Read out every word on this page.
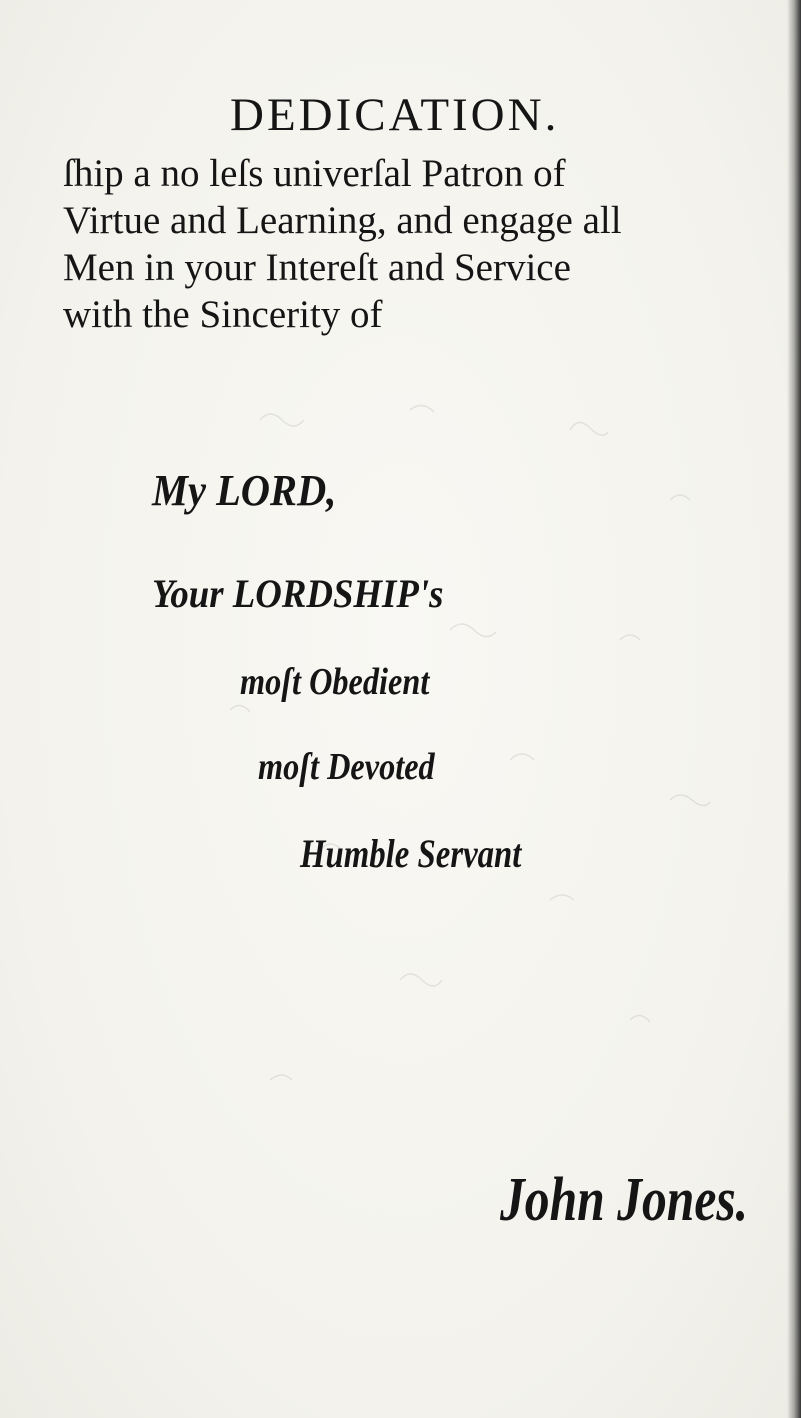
DEDICATION.
ſhip a no leſs univerſal Patron of
Virtue and Learning, and engage all
Men in your Intereſt and Service
with the Sincerity of
My LORD,
Your LORDSHIP's
moſt Obedient
moſt Devoted
Humble Servant
John Jones.
